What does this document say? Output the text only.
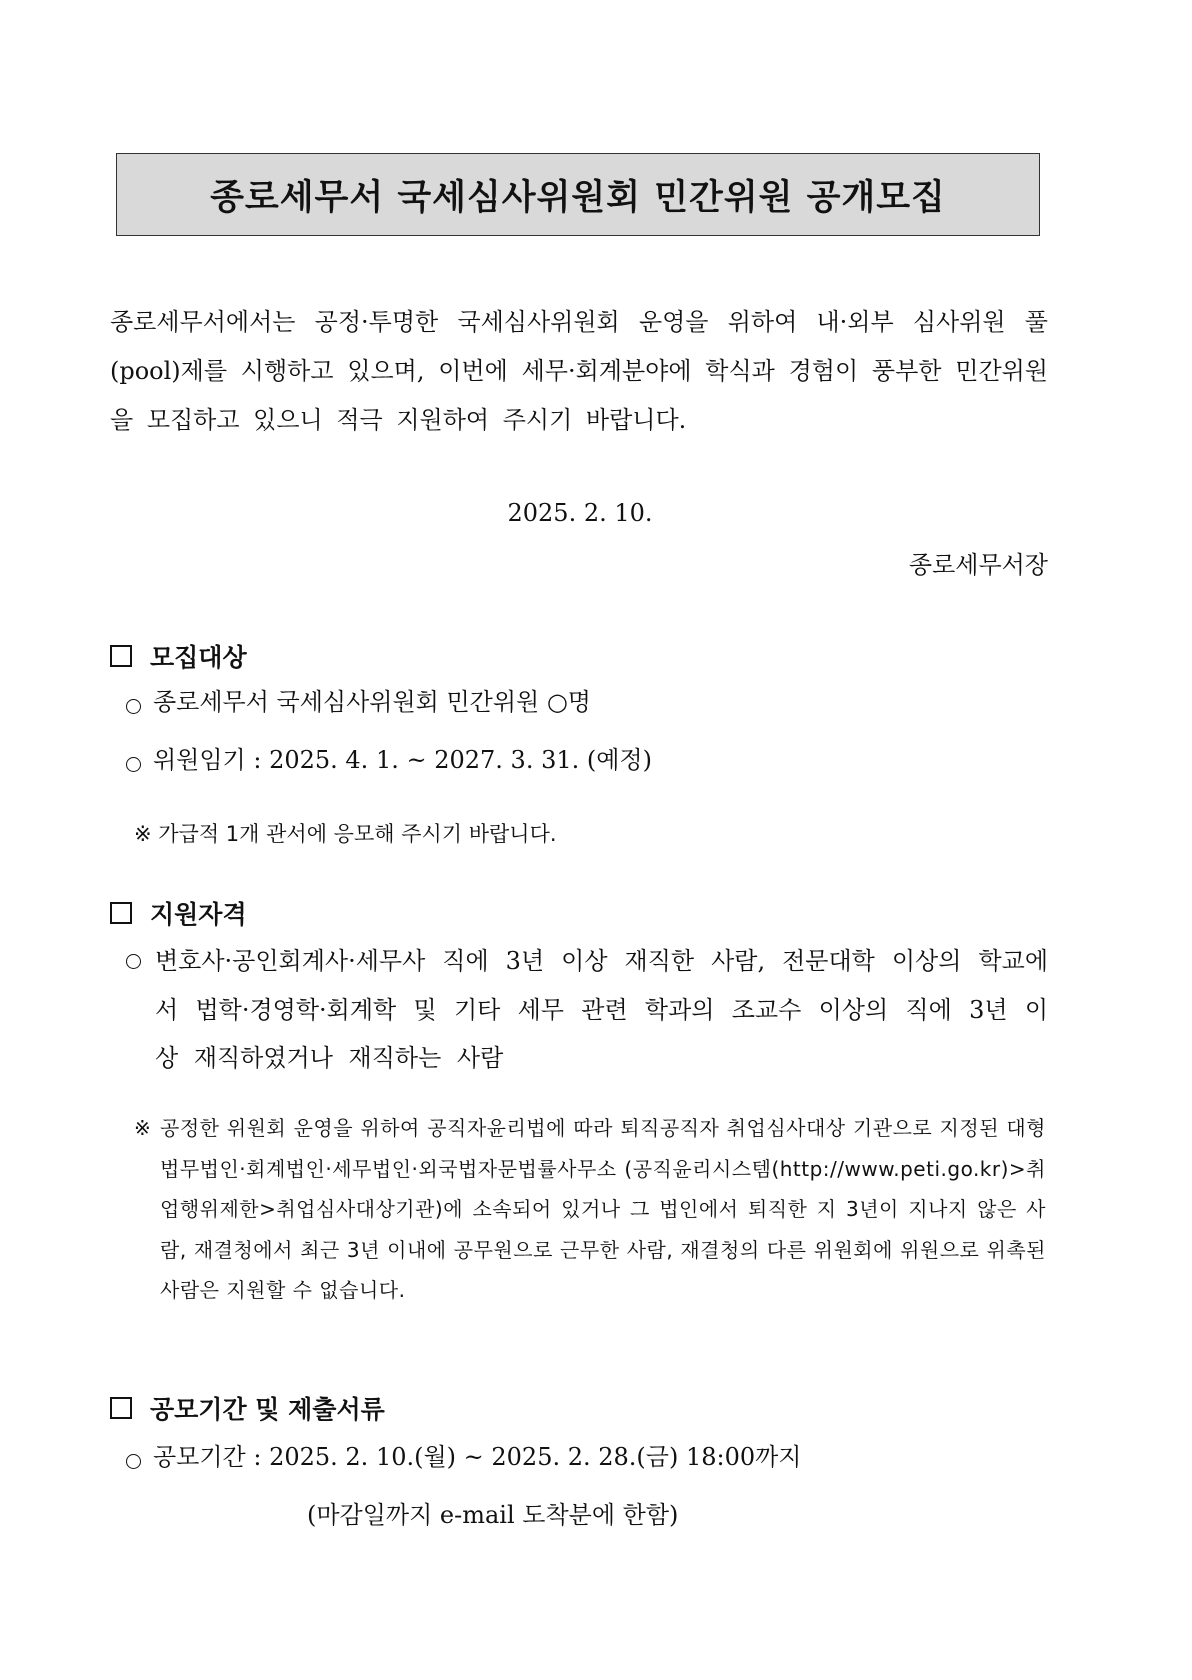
종로세무서 국세심사위원회 민간위원 공개모집
종로세무서에서는 공정·투명한 국세심사위원회 운영을 위하여 내·외부 심사위원 풀(pool)제를 시행하고 있으며, 이번에 세무·회계분야에 학식과 경험이 풍부한 민간위원을 모집하고 있으니 적극 지원하여 주시기 바랍니다.
2025. 2. 10.
종로세무서장
모집대상
종로세무서 국세심사위원회 민간위원 ○명
위원임기 : 2025. 4. 1. ~ 2027. 3. 31. (예정)
※ 가급적 1개 관서에 응모해 주시기 바랍니다.
지원자격
변호사·공인회계사·세무사 직에 3년 이상 재직한 사람, 전문대학 이상의 학교에서 법학·경영학·회계학 및 기타 세무 관련 학과의 조교수 이상의 직에 3년 이상 재직하였거나 재직하는 사람
※ 공정한 위원회 운영을 위하여 공직자윤리법에 따라 퇴직공직자 취업심사대상 기관으로 지정된 대형 법무법인·회계법인·세무법인·외국법자문법률사무소 (공직윤리시스템(http://www.peti.go.kr)>취업행위제한>취업심사대상기관)에 소속되어 있거나 그 법인에서 퇴직한 지 3년이 지나지 않은 사람, 재결청에서 최근 3년 이내에 공무원으로 근무한 사람, 재결청의 다른 위원회에 위원으로 위촉된 사람은 지원할 수 없습니다.
공모기간 및 제출서류
공모기간 : 2025. 2. 10.(월) ~ 2025. 2. 28.(금) 18:00까지
(마감일까지 e-mail 도착분에 한함)
